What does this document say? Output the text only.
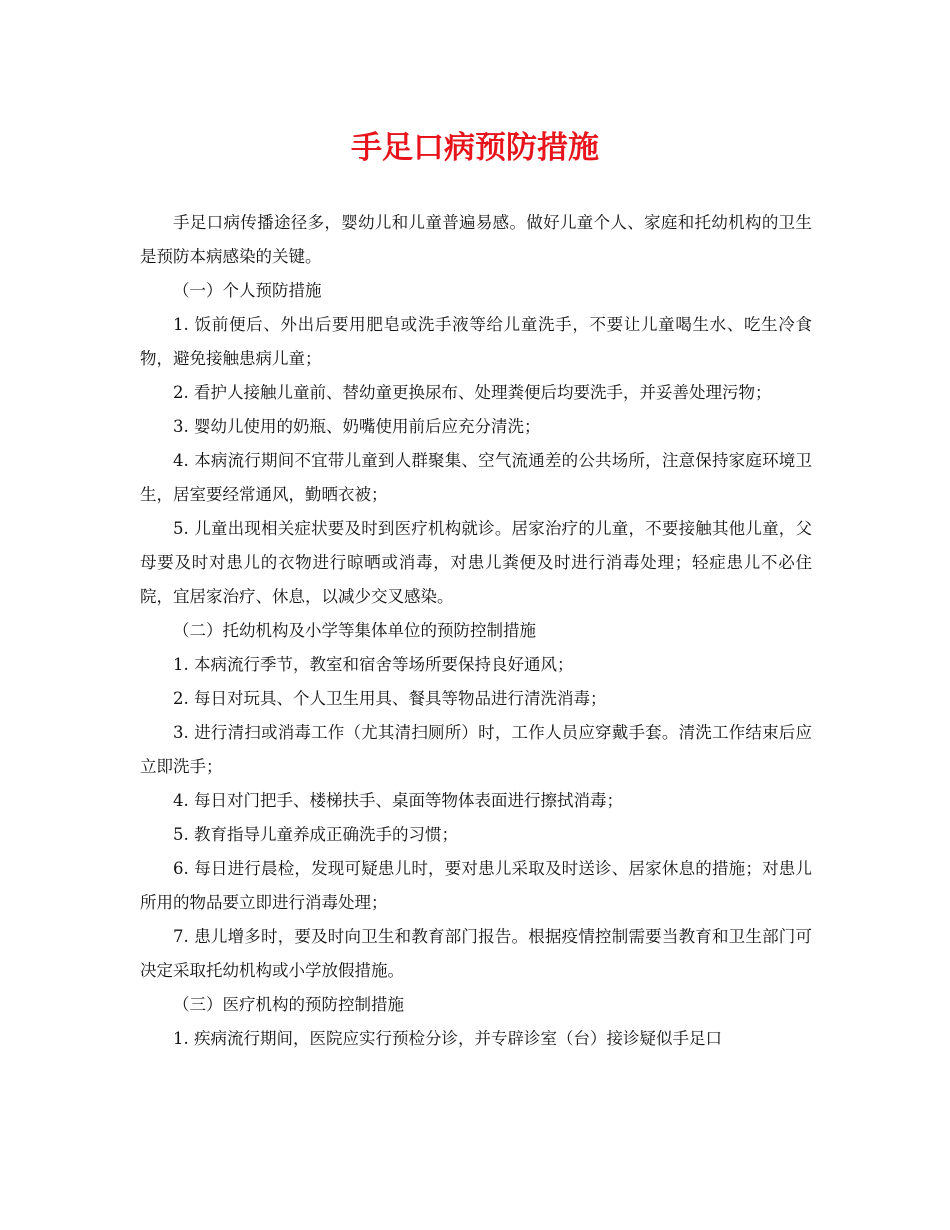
手足口病预防措施

手足口病传播途径多，婴幼儿和儿童普遍易感。做好儿童个人、家庭和托幼机构的卫生是预防本病感染的关键。

（一）个人预防措施

1. 饭前便后、外出后要用肥皂或洗手液等给儿童洗手，不要让儿童喝生水、吃生冷食物，避免接触患病儿童；

2. 看护人接触儿童前、替幼童更换尿布、处理粪便后均要洗手，并妥善处理污物；

3. 婴幼儿使用的奶瓶、奶嘴使用前后应充分清洗；

4. 本病流行期间不宜带儿童到人群聚集、空气流通差的公共场所，注意保持家庭环境卫生，居室要经常通风，勤晒衣被；

5. 儿童出现相关症状要及时到医疗机构就诊。居家治疗的儿童，不要接触其他儿童，父母要及时对患儿的衣物进行晾晒或消毒，对患儿粪便及时进行消毒处理；轻症患儿不必住院，宜居家治疗、休息，以减少交叉感染。

（二）托幼机构及小学等集体单位的预防控制措施

1. 本病流行季节，教室和宿舍等场所要保持良好通风；

2. 每日对玩具、个人卫生用具、餐具等物品进行清洗消毒；

3. 进行清扫或消毒工作（尤其清扫厕所）时，工作人员应穿戴手套。清洗工作结束后应立即洗手；

4. 每日对门把手、楼梯扶手、桌面等物体表面进行擦拭消毒；

5. 教育指导儿童养成正确洗手的习惯；

6. 每日进行晨检，发现可疑患儿时，要对患儿采取及时送诊、居家休息的措施；对患儿所用的物品要立即进行消毒处理；

7. 患儿增多时，要及时向卫生和教育部门报告。根据疫情控制需要当教育和卫生部门可决定采取托幼机构或小学放假措施。

（三）医疗机构的预防控制措施

1. 疾病流行期间，医院应实行预检分诊，并专辟诊室（台）接诊疑似手足口
